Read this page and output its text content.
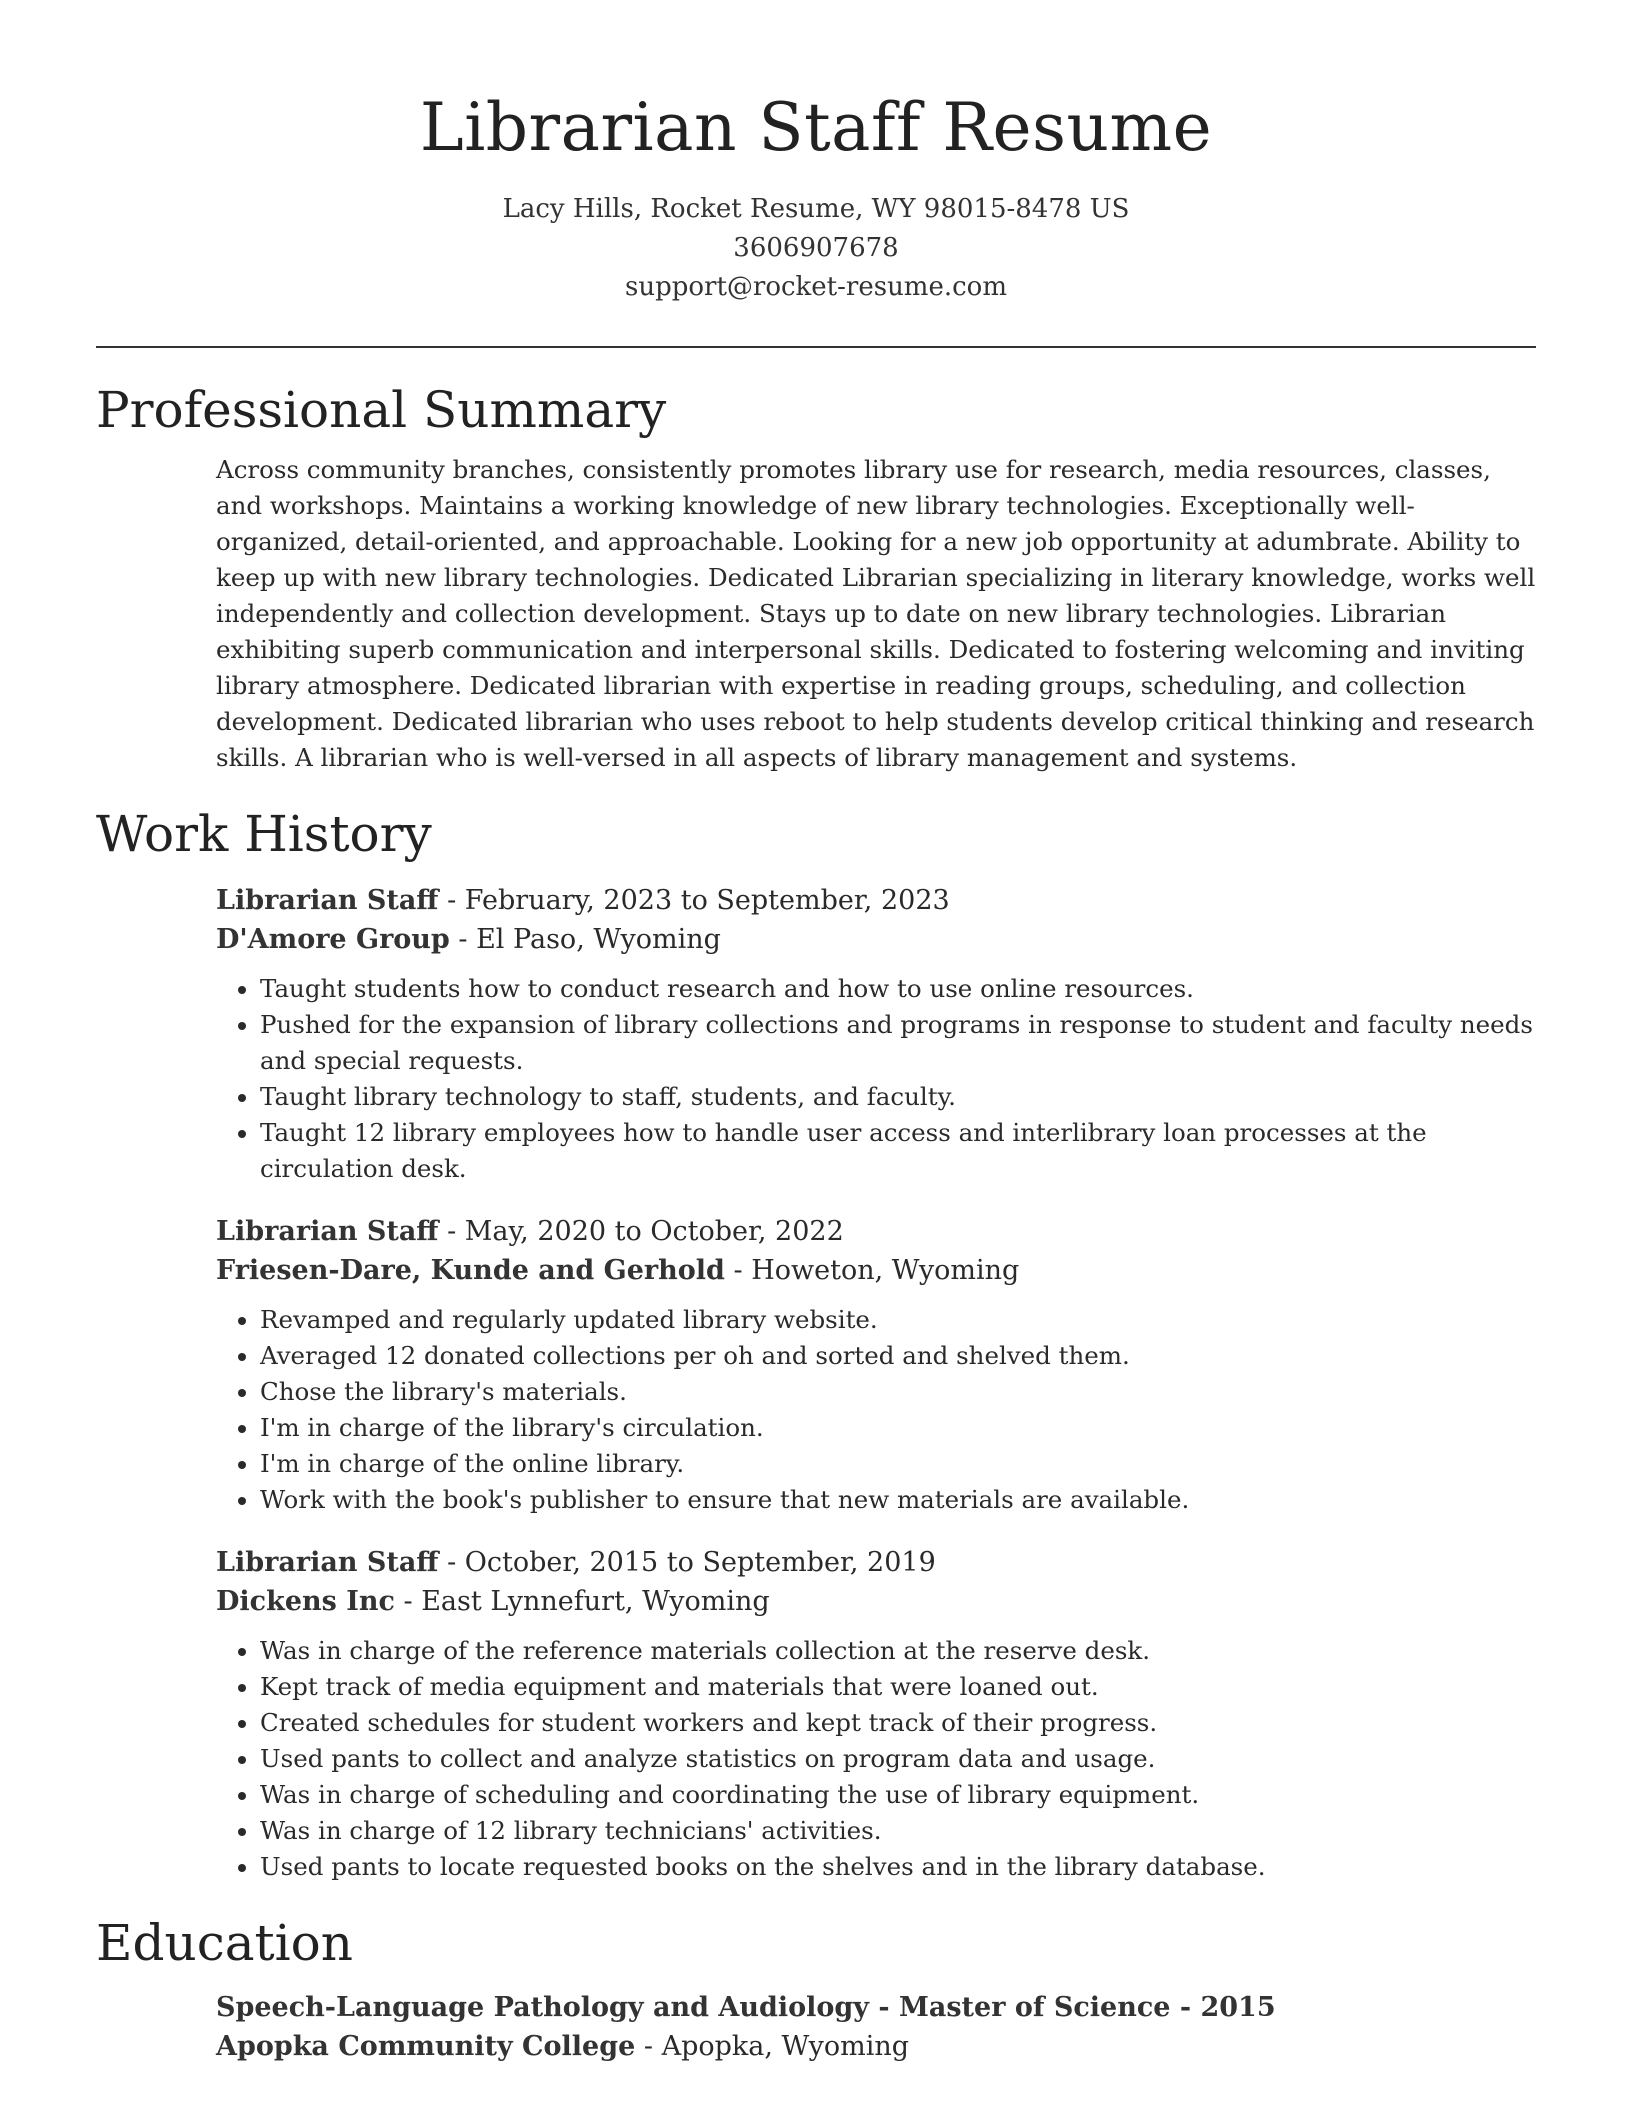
Librarian Staff Resume
Lacy Hills, Rocket Resume, WY 98015-8478 US
3606907678
support@rocket-resume.com
Professional Summary

Across community branches, consistently promotes library use for research, media resources, classes, and workshops. Maintains a working knowledge of new library technologies. Exceptionally well-organized, detail-oriented, and approachable. Looking for a new job opportunity at adumbrate. Ability to keep up with new library technologies. Dedicated Librarian specializing in literary knowledge, works well independently and collection development. Stays up to date on new library technologies. Librarian exhibiting superb communication and interpersonal skills. Dedicated to fostering welcoming and inviting library atmosphere. Dedicated librarian with expertise in reading groups, scheduling, and collection development. Dedicated librarian who uses reboot to help students develop critical thinking and research skills. A librarian who is well-versed in all aspects of library management and systems.

Work History
Librarian Staff - February, 2023 to September, 2023
D'Amore Group - El Paso, Wyoming
• Taught students how to conduct research and how to use online resources.
• Pushed for the expansion of library collections and programs in response to student and faculty needs and special requests.
• Taught library technology to staff, students, and faculty.
• Taught 12 library employees how to handle user access and interlibrary loan processes at the circulation desk.
Librarian Staff - May, 2020 to October, 2022
Friesen-Dare, Kunde and Gerhold - Howeton, Wyoming
• Revamped and regularly updated library website.
• Averaged 12 donated collections per oh and sorted and shelved them.
• Chose the library's materials.
• I'm in charge of the library's circulation.
• I'm in charge of the online library.
• Work with the book's publisher to ensure that new materials are available.
Librarian Staff - October, 2015 to September, 2019
Dickens Inc - East Lynnefurt, Wyoming
• Was in charge of the reference materials collection at the reserve desk.
• Kept track of media equipment and materials that were loaned out.
• Created schedules for student workers and kept track of their progress.
• Used pants to collect and analyze statistics on program data and usage.
• Was in charge of scheduling and coordinating the use of library equipment.
• Was in charge of 12 library technicians' activities.
• Used pants to locate requested books on the shelves and in the library database.
Education
Speech-Language Pathology and Audiology - Master of Science - 2015
Apopka Community College - Apopka, Wyoming
